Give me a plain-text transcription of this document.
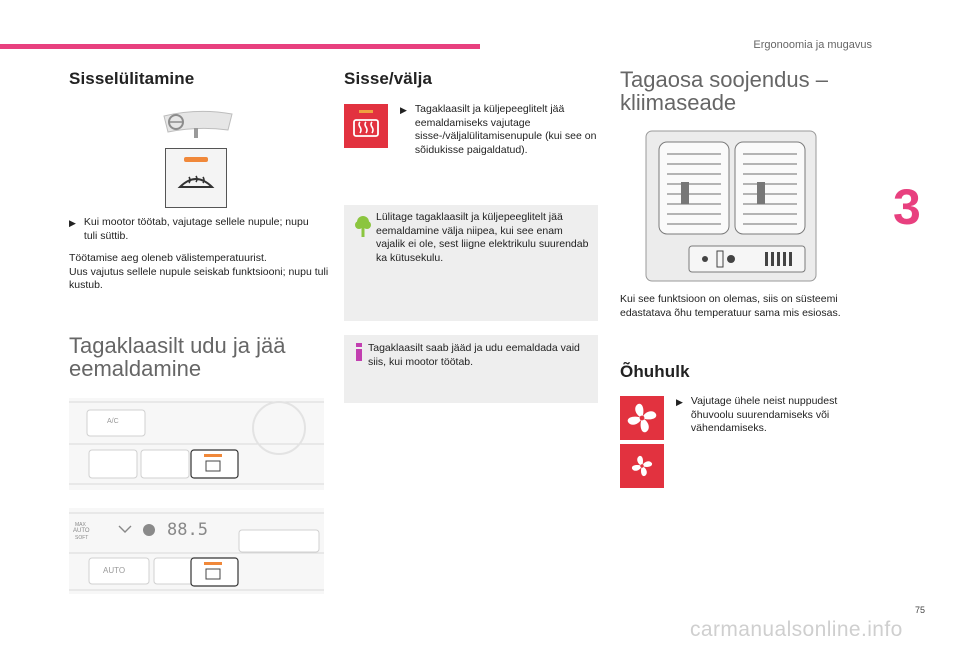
Ergonoomia ja mugavus
3
Sisselülitamine
▶ Kui mootor töötab, vajutage sellele nupule; nupu tuli süttib.
Töötamise aeg oleneb välistemperatuurist.
Uus vajutus sellele nupule seiskab funktsiooni; nupu tuli kustub.
Tagaklaasilt udu ja jää eemaldamine
A/C
MAX
AUTO
SOFT	88.5
AUTO
Sisse/välja
▶ Tagaklaasilt ja küljepeeglitelt jää eemaldamiseks vajutage sisse-/väljalülitamisenupule (kui see on sõidukisse paigaldatud).
Lülitage tagaklaasilt ja küljepeeglitelt jää eemaldamine välja niipea, kui see enam vajalik ei ole, sest liigne elektrikulu suurendab ka kütusekulu.
Tagaklaasilt saab jääd ja udu eemaldada vaid siis, kui mootor töötab.
Tagaosa soojendus – kliimaseade
Kui see funktsioon on olemas, siis on süsteemi edastatava õhu temperatuur sama mis esiosas.
Õhuhulk
▶ Vajutage ühele neist nuppudest õhuvoolu suurendamiseks või vähendamiseks.
75
carmanualsonline.info
